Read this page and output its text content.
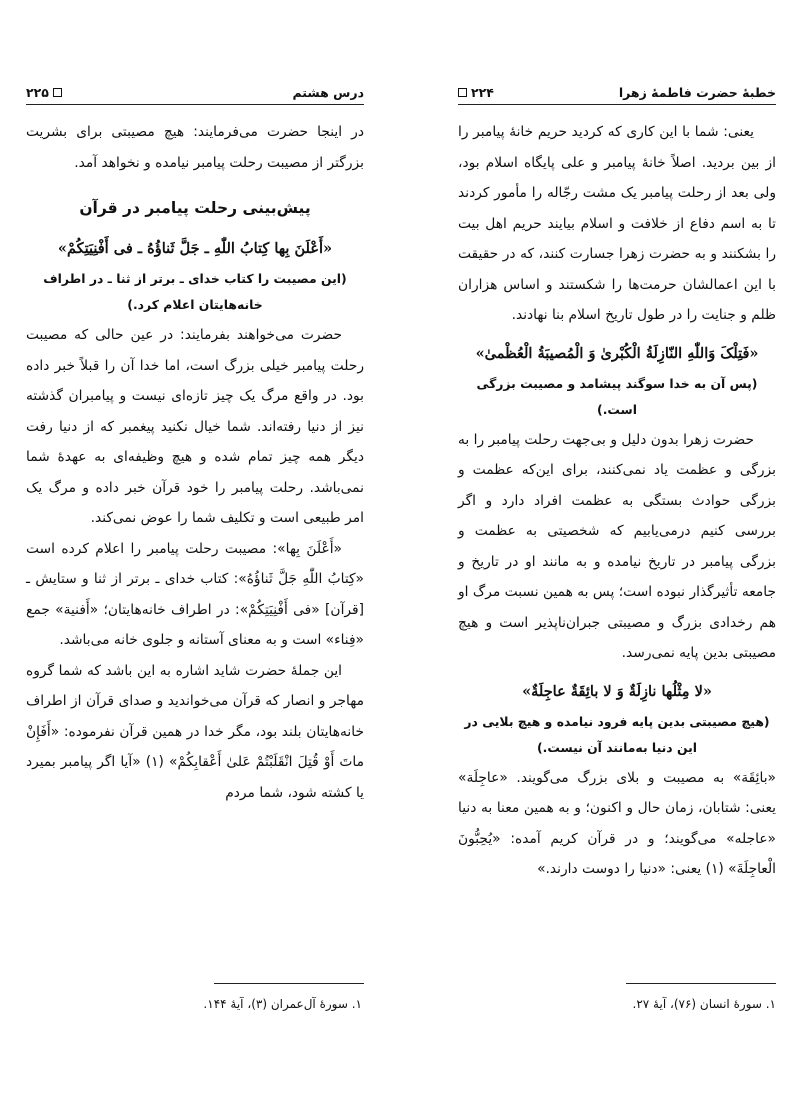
خطبهٔ حضرت فاطمهٔ زهرا
۲۲۴

یعنی: شما با این کاری که کردید حریم خانهٔ پیامبر را از بین بردید. اصلاً خانهٔ پیامبر و علی پایگاه اسلام بود، ولی بعد از رحلت پیامبر یک مشت رجّاله را مأمور کردند تا به اسم دفاع از خلافت و اسلام بیایند حریم اهل بیت را بشکنند و به حضرت زهرا جسارت کنند، که در حقیقت با این اعمالشان حرمت‌ها را شکستند و اساس هزاران ظلم و جنایت را در طول تاریخ اسلام بنا نهادند.

«فَتِلْکَ وَاللّٰهِ النّازِلَةُ الْکُبْریٰ وَ الْمُصیبَةُ الْعُظْمیٰ»
(پس آن به خدا سوگند پیشامد و مصیبت بزرگی است.)

حضرت زهرا بدون دلیل و بی‌جهت رحلت پیامبر را به بزرگی و عظمت یاد نمی‌کنند، برای این‌که عظمت و بزرگی حوادث بستگی به عظمت افراد دارد و اگر بررسی کنیم درمی‌یابیم که شخصیتی به عظمت و بزرگی پیامبر در تاریخ نیامده و به مانند او در تاریخ و جامعه تأثیرگذار نبوده است؛ پس به همین نسبت مرگ او هم رخدادی بزرگ و مصیبتی جبران‌ناپذیر است و هیچ مصیبتی بدین پایه نمی‌رسد.

«لا مِثْلُها نازِلَةٌ وَ لا بائِقَةٌ عاجِلَةٌ»
(هیچ مصیبتی بدین پایه فرود نیامده و هیچ بلایی در این دنیا به‌مانند آن نیست.)

«بائِقَة» به مصیبت و بلای بزرگ می‌گویند. «عاجِلَة» یعنی: شتابان، زمان حال و اکنون؛ و به همین معنا به دنیا «عاجله» می‌گویند؛ و در قرآن کریم آمده: «یُحِبُّونَ الْعاجِلَةَ» (۱) یعنی: «دنیا را دوست دارند.»

۱. سورهٔ انسان (۷۶)، آیهٔ ۲۷.
درس هشتم
۲۲۵

در اینجا حضرت می‌فرمایند: هیچ مصیبتی برای بشریت بزرگتر از مصیبت رحلت پیامبر نیامده و نخواهد آمد.

پیش‌بینی رحلت پیامبر در قرآن
«أَعْلَنَ بِها کِتابُ اللّٰهِ ـ جَلَّ ثَناؤُهُ ـ فی أَفْنِیَتِکُمْ»
(این مصیبت را کتاب خدای ـ برتر از ثنا ـ در اطراف خانه‌هایتان اعلام کرد.)

حضرت می‌خواهند بفرمایند: در عین حالی که مصیبت رحلت پیامبر خیلی بزرگ است، اما خدا آن را قبلاً خبر داده بود. در واقع مرگ یک چیز تازه‌ای نیست و پیامبران گذشته نیز از دنیا رفته‌اند. شما خیال نکنید پیغمبر که از دنیا رفت دیگر همه چیز تمام شده و هیچ وظیفه‌ای به عهدهٔ شما نمی‌باشد. رحلت پیامبر را خود قرآن خبر داده و مرگ یک امر طبیعی است و تکلیف شما را عوض نمی‌کند.

«أَعْلَنَ بِها»: مصیبت رحلت پیامبر را اعلام کرده است «کِتابُ اللّٰهِ جَلَّ ثَناؤُهُ»: کتاب خدای ـ برتر از ثنا و ستایش ـ [قرآن] «فی أَفْنِیَتِکُمْ»: در اطراف خانه‌هایتان؛ «أَفنیة» جمع «فِناء» است و به معنای آستانه و جلوی خانه می‌باشد.

این جملهٔ حضرت شاید اشاره به این باشد که شما گروه مهاجر و انصار که قرآن می‌خواندید و صدای قرآن از اطراف خانه‌هایتان بلند بود، مگر خدا در همین قرآن نفرموده: «أَفَإِنْ ماتَ أَوْ قُتِلَ انْقَلَبْتُمْ عَلیٰ أَعْقابِکُمْ» (۱) «آیا اگر پیامبر بمیرد یا کشته شود، شما مردم

۱. سورهٔ آل‌عمران (۳)، آیهٔ ۱۴۴.
